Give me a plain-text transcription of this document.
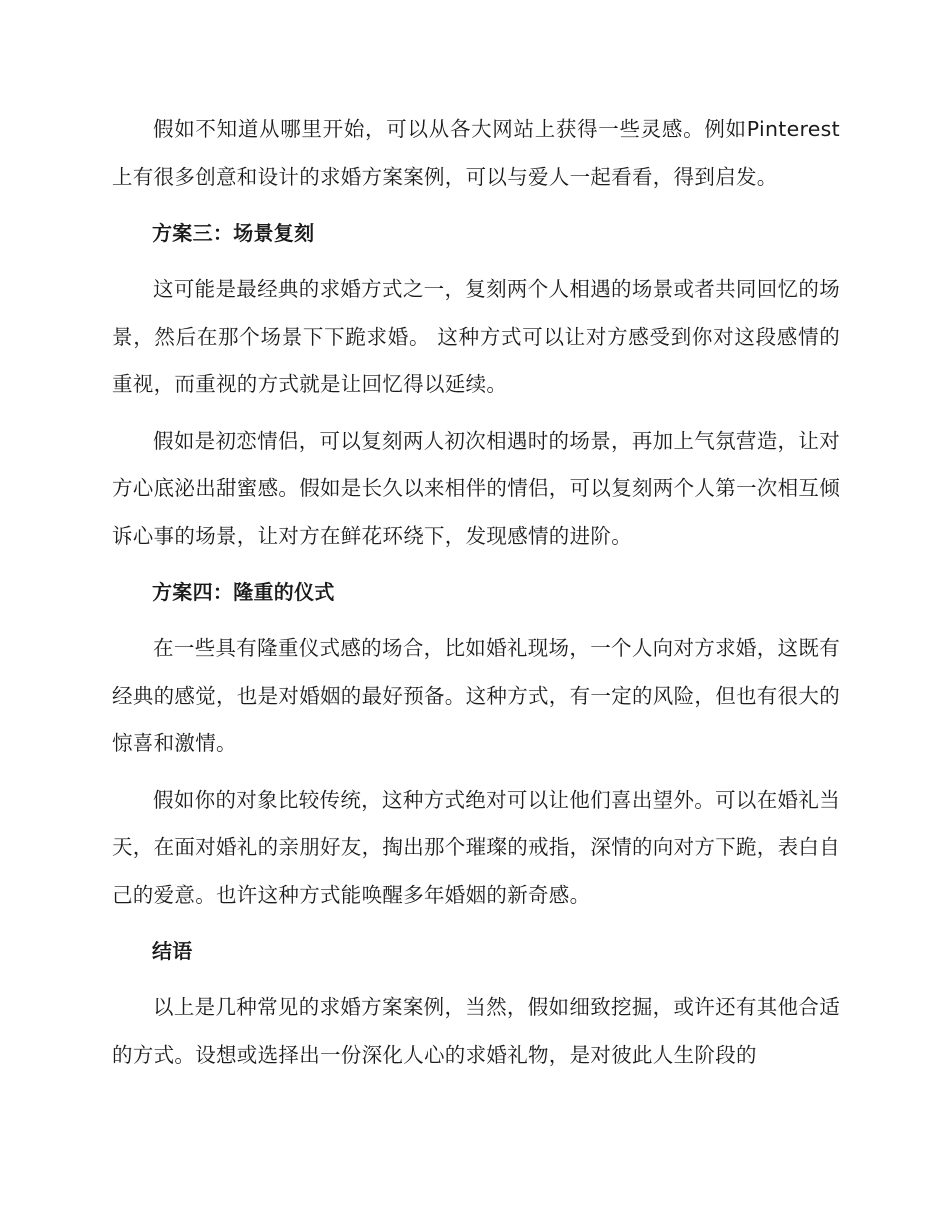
假如不知道从哪里开始，可以从各大网站上获得一些灵感。例如Pinterest 上有很多创意和设计的求婚方案案例，可以与爱人一起看看，得到启发。

方案三：场景复刻

这可能是最经典的求婚方式之一，复刻两个人相遇的场景或者共同回忆的场景，然后在那个场景下下跪求婚。 这种方式可以让对方感受到你对这段感情的重视，而重视的方式就是让回忆得以延续。

假如是初恋情侣，可以复刻两人初次相遇时的场景，再加上气氛营造，让对方心底泌出甜蜜感。假如是长久以来相伴的情侣，可以复刻两个人第一次相互倾诉心事的场景，让对方在鲜花环绕下，发现感情的进阶。

方案四：隆重的仪式

在一些具有隆重仪式感的场合，比如婚礼现场，一个人向对方求婚，这既有经典的感觉，也是对婚姻的最好预备。这种方式，有一定的风险，但也有很大的惊喜和激情。

假如你的对象比较传统，这种方式绝对可以让他们喜出望外。可以在婚礼当天，在面对婚礼的亲朋好友，掏出那个璀璨的戒指，深情的向对方下跪，表白自己的爱意。也许这种方式能唤醒多年婚姻的新奇感。

结语

以上是几种常见的求婚方案案例，当然，假如细致挖掘，或许还有其他合适的方式。设想或选择出一份深化人心的求婚礼物，是对彼此人生阶段的
